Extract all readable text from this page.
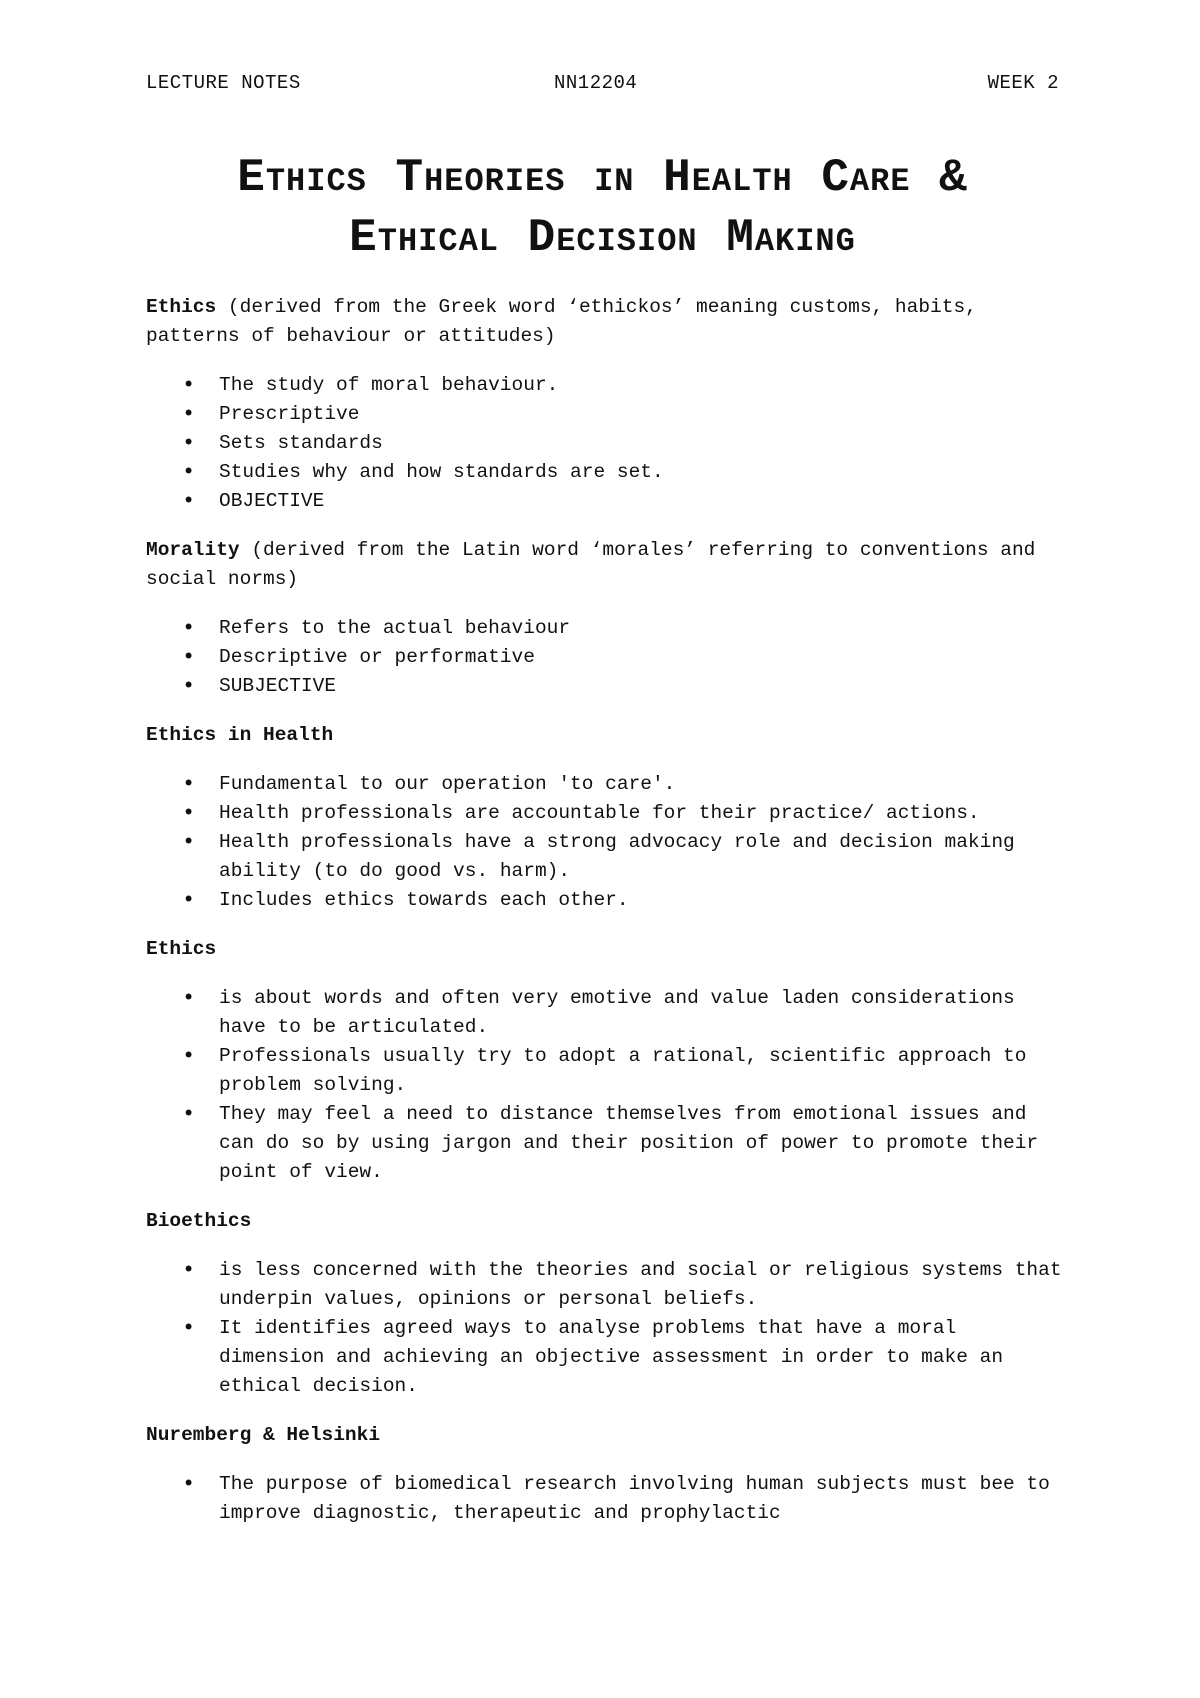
LECTURE NOTES	NN12204	WEEK 2
Ethics Theories in Health Care &
Ethical Decision Making

Ethics (derived from the Greek word ‘ethickos’ meaning customs, habits, patterns of behaviour or attitudes)

• The study of moral behaviour.
• Prescriptive
• Sets standards
• Studies why and how standards are set.
• OBJECTIVE

Morality (derived from the Latin word ‘morales’ referring to conventions and social norms)

• Refers to the actual behaviour
• Descriptive or performative
• SUBJECTIVE

Ethics in Health

• Fundamental to our operation 'to care'.
• Health professionals are accountable for their practice/ actions.
• Health professionals have a strong advocacy role and decision making ability (to do good vs. harm).
• Includes ethics towards each other.

Ethics

• is about words and often very emotive and value laden considerations have to be articulated.
• Professionals usually try to adopt a rational, scientific approach to problem solving.
• They may feel a need to distance themselves from emotional issues and can do so by using jargon and their position of power to promote their point of view.

Bioethics

• is less concerned with the theories and social or religious systems that underpin values, opinions or personal beliefs.
• It identifies agreed ways to analyse problems that have a moral dimension and achieving an objective assessment in order to make an ethical decision.

Nuremberg & Helsinki

• The purpose of biomedical research involving human subjects must bee to improve diagnostic, therapeutic and prophylactic
